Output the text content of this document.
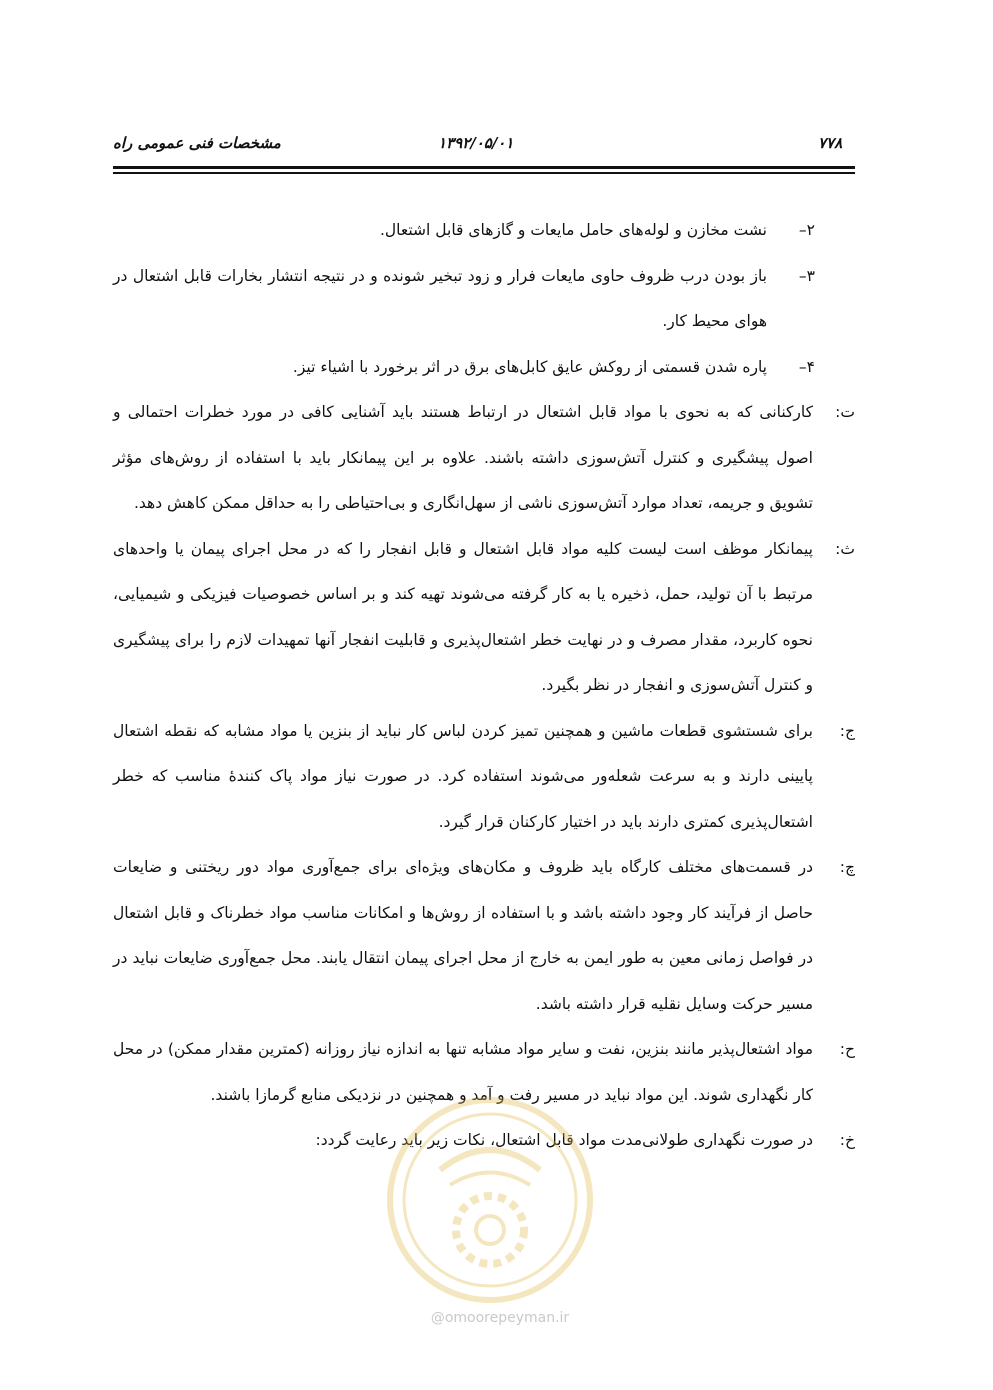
۷۷۸
۱۳۹۲/۰۵/۰۱
مشخصات فنی عمومی راه
۲–
نشت مخازن و لوله‌های حامل مایعات و گازهای قابل اشتعال.
۳–
باز بودن درب ظروف حاوی مایعات فرار و زود تبخیر شونده و در نتیجه انتشار بخارات قابل اشتعال در هوای محیط کار.
۴–
پاره شدن قسمتی از روکش عایق کابل‌های برق در اثر برخورد با اشیاء تیز.
ت:
کارکنانی که به نحوی با مواد قابل اشتعال در ارتباط هستند باید آشنایی کافی در مورد خطرات احتمالی و اصول پیشگیری و کنترل آتش‌سوزی داشته باشند. علاوه بر این پیمانکار باید با استفاده از روش‌های مؤثر تشویق و جریمه، تعداد موارد آتش‌سوزی ناشی از سهل‌انگاری و بی‌احتیاطی را به حداقل ممکن کاهش دهد.
ث:
پیمانکار موظف است لیست کلیه مواد قابل اشتعال و قابل انفجار را که در محل اجرای پیمان یا واحدهای مرتبط با آن تولید، حمل، ذخیره یا به کار گرفته می‌شوند تهیه کند و بر اساس خصوصیات فیزیکی و شیمیایی، نحوه کاربرد، مقدار مصرف و در نهایت خطر اشتعال‌پذیری و قابلیت انفجار آنها تمهیدات لازم را برای پیشگیری و کنترل آتش‌سوزی و انفجار در نظر بگیرد.
ج:
برای شستشوی قطعات ماشین و همچنین تمیز کردن لباس کار نباید از بنزین یا مواد مشابه که نقطه اشتعال پایینی دارند و به سرعت شعله‌ور می‌شوند استفاده کرد. در صورت نیاز مواد پاک کنندهٔ مناسب که خطر اشتعال‌پذیری کمتری دارند باید در اختیار کارکنان قرار گیرد.
چ:
در قسمت‌های مختلف کارگاه باید ظروف و مکان‌های ویژه‌ای برای جمع‌آوری مواد دور ریختنی و ضایعات حاصل از فرآیند کار وجود داشته باشد و با استفاده از روش‌ها و امکانات مناسب مواد خطرناک و قابل اشتعال در فواصل زمانی معین به طور ایمن به خارج از محل اجرای پیمان انتقال یابند. محل جمع‌آوری ضایعات نباید در مسیر حرکت وسایل نقلیه قرار داشته باشد.
ح:
مواد اشتعال‌پذیر مانند بنزین، نفت و سایر مواد مشابه تنها به اندازه نیاز روزانه (کمترین مقدار ممکن) در محل کار نگهداری شوند. این مواد نباید در مسیر رفت و آمد و همچنین در نزدیکی منابع گرمازا باشند.
خ:
در صورت نگهداری طولانی‌مدت مواد قابل اشتعال، نکات زیر باید رعایت گردد:
@omoorepeyman.ir
